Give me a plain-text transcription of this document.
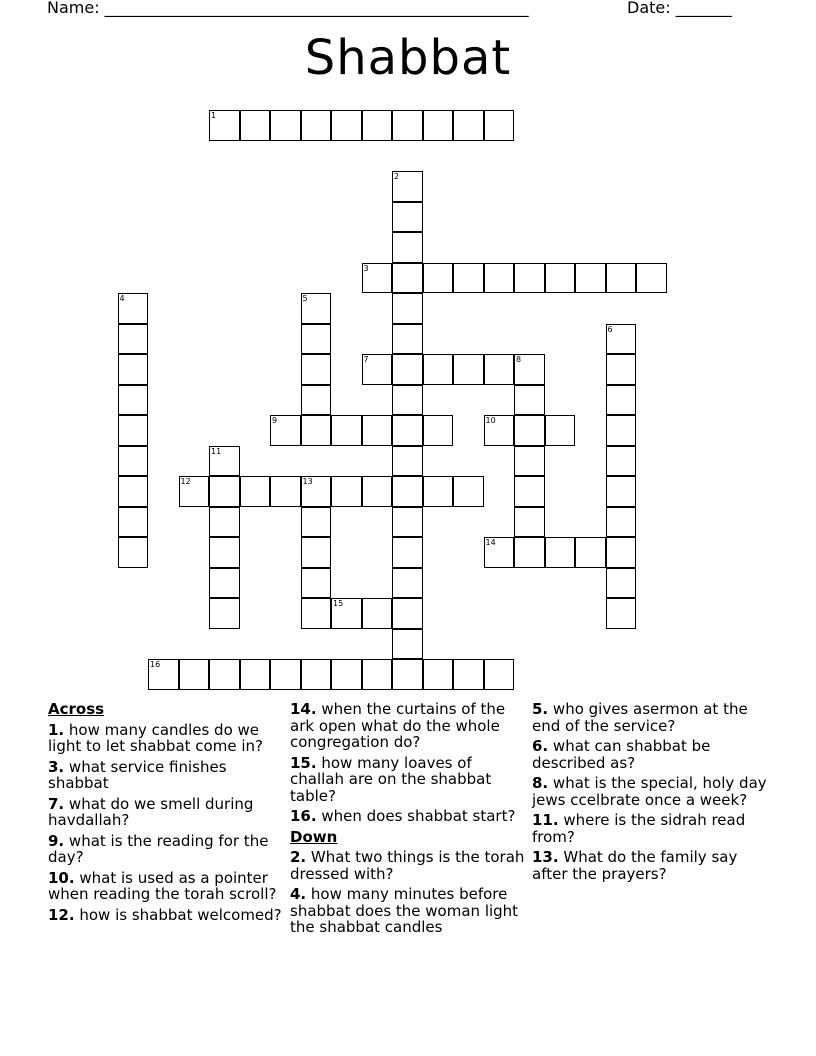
Name: _____________________________________________________	Date: _______
Shabbat
1
2
3
4	5
6
7	8
9	10
11
12	13
14
15
16
Across
1. how many candles do we light to let shabbat come in?
3. what service finishes shabbat
7. what do we smell during havdallah?
9. what is the reading for the day?
10. what is used as a pointer when reading the torah scroll?
12. how is shabbat welcomed?
14. when the curtains of the ark open what do the whole congregation do?
15. how many loaves of challah are on the shabbat table?
16. when does shabbat start?
Down
2. What two things is the torah dressed with?
4. how many minutes before shabbat does the woman light the shabbat candles
5. who gives asermon at the end of the service?
6. what can shabbat be described as?
8. what is the special, holy day jews ccelbrate once a week?
11. where is the sidrah read from?
13. What do the family say after the prayers?
